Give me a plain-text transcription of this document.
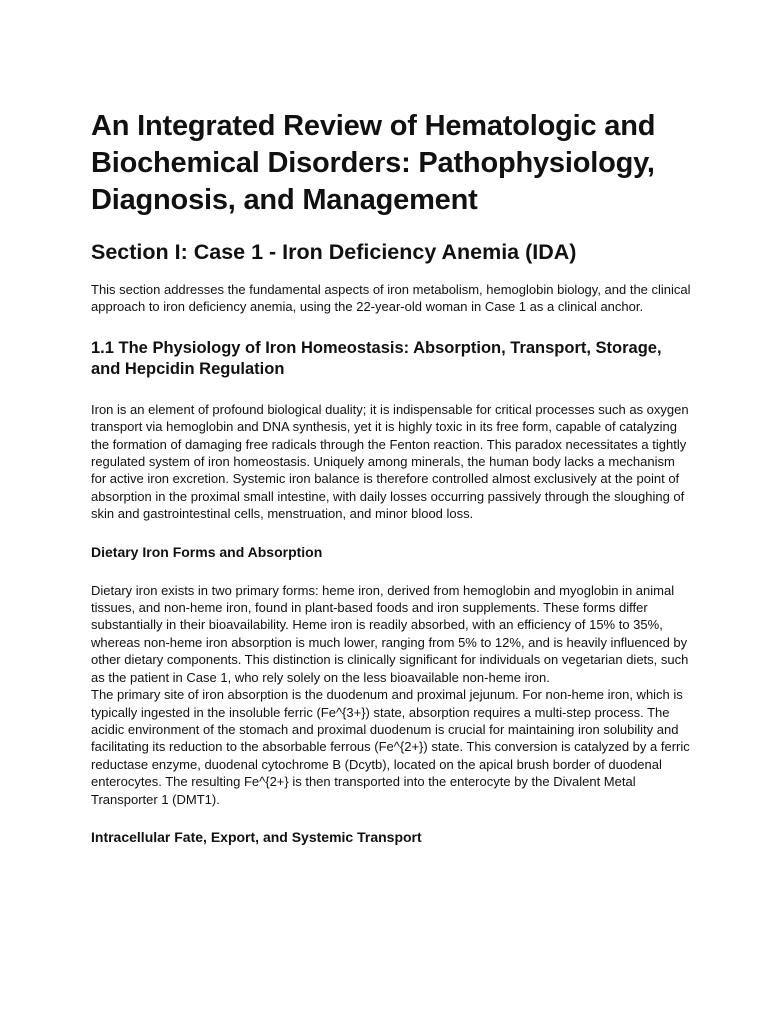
An Integrated Review of Hematologic and Biochemical Disorders: Pathophysiology, Diagnosis, and Management
Section I: Case 1 - Iron Deficiency Anemia (IDA)

This section addresses the fundamental aspects of iron metabolism, hemoglobin biology, and the clinical approach to iron deficiency anemia, using the 22-year-old woman in Case 1 as a clinical anchor.

1.1 The Physiology of Iron Homeostasis: Absorption, Transport, Storage, and Hepcidin Regulation

Iron is an element of profound biological duality; it is indispensable for critical processes such as oxygen transport via hemoglobin and DNA synthesis, yet it is highly toxic in its free form, capable of catalyzing the formation of damaging free radicals through the Fenton reaction. This paradox necessitates a tightly regulated system of iron homeostasis. Uniquely among minerals, the human body lacks a mechanism for active iron excretion. Systemic iron balance is therefore controlled almost exclusively at the point of absorption in the proximal small intestine, with daily losses occurring passively through the sloughing of skin and gastrointestinal cells, menstruation, and minor blood loss.

Dietary Iron Forms and Absorption

Dietary iron exists in two primary forms: heme iron, derived from hemoglobin and myoglobin in animal tissues, and non-heme iron, found in plant-based foods and iron supplements. These forms differ substantially in their bioavailability. Heme iron is readily absorbed, with an efficiency of 15% to 35%, whereas non-heme iron absorption is much lower, ranging from 5% to 12%, and is heavily influenced by other dietary components. This distinction is clinically significant for individuals on vegetarian diets, such as the patient in Case 1, who rely solely on the less bioavailable non-heme iron.

The primary site of iron absorption is the duodenum and proximal jejunum. For non-heme iron, which is typically ingested in the insoluble ferric (Fe^{3+}) state, absorption requires a multi-step process. The acidic environment of the stomach and proximal duodenum is crucial for maintaining iron solubility and facilitating its reduction to the absorbable ferrous (Fe^{2+}) state. This conversion is catalyzed by a ferric reductase enzyme, duodenal cytochrome B (Dcytb), located on the apical brush border of duodenal enterocytes. The resulting Fe^{2+} is then transported into the enterocyte by the Divalent Metal Transporter 1 (DMT1).

Intracellular Fate, Export, and Systemic Transport
